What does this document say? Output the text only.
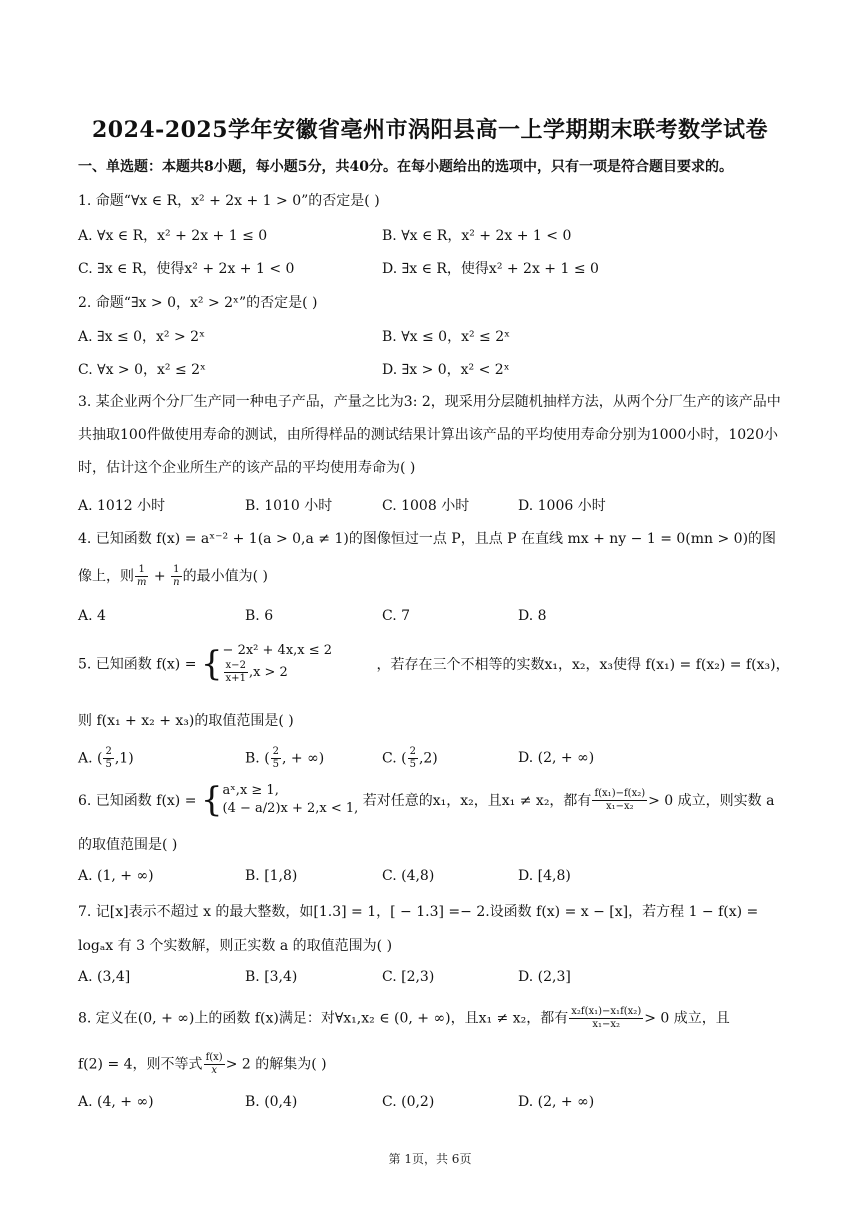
2024-2025学年安徽省亳州市涡阳县高一上学期期末联考数学试卷
一、单选题：本题共8小题，每小题5分，共40分。在每小题给出的选项中，只有一项是符合题目要求的。
1. 命题“∀x ∈ R，x² + 2x + 1 > 0”的否定是( )
A. ∀x ∈ R，x² + 2x + 1 ≤ 0	B. ∀x ∈ R，x² + 2x + 1 < 0
C. ∃x ∈ R，使得x² + 2x + 1 < 0	D. ∃x ∈ R，使得x² + 2x + 1 ≤ 0
2. 命题“∃x > 0，x² > 2ˣ”的否定是( )
A. ∃x ≤ 0，x² > 2ˣ	B. ∀x ≤ 0，x² ≤ 2ˣ
C. ∀x > 0，x² ≤ 2ˣ	D. ∃x > 0，x² < 2ˣ
3. 某企业两个分厂生产同一种电子产品，产量之比为3: 2，现采用分层随机抽样方法，从两个分厂生产的该产品中共抽取100件做使用寿命的测试，由所得样品的测试结果计算出该产品的平均使用寿命分别为1000小时，1020小时，估计这个企业所生产的该产品的平均使用寿命为( )
A. 1012 小时	B. 1010 小时	C. 1008 小时	D. 1006 小时
4. 已知函数 f(x) = aˣ⁻² + 1(a > 0,a ≠ 1)的图像恒过一点 P，且点 P 在直线 mx + ny − 1 = 0(mn > 0)的图
像上，则 $\frac{1}{m} + \frac{1}{n}$ 的最小值为( )
A. 4	B. 6	C. 7	D. 8
5. 已知函数 f(x) = { − 2x² + 4x,x ≤ 2
$\frac{x-2}{x+1} ,x > 2$	，若存在三个不相等的实数x₁，x₂，x₃使得 f(x₁) = f(x₂) = f(x₃)，
则 f(x₁ + x₂ + x₃)的取值范围是( )
A. ( $\frac{2}{5} ,1$)	B. ( $\frac{2}{5}$ , + ∞)	C. ( $\frac{2}{5} ,2$)	D. (2, + ∞)
6. 已知函数 f(x) = { aˣ,x ≥ 1,
(4 − a/2)x + 2,x < 1, 若对任意的x₁，x₂，且x₁ ≠ x₂，都有 $\frac{\text{f(x₁)−f(x₂)}}{\text{x₁−x₂}} > 0$ 成立，则实数 a
的取值范围是( )
A. (1, + ∞)	B. [1,8)	C. (4,8)	D. [4,8)
7. 记[x]表示不超过 x 的最大整数，如[1.3] = 1，[ − 1.3] =− 2.设函数 f(x) = x − [x]，若方程 1 − f(x) =
logₐx 有 3 个实数解，则正实数 a 的取值范围为( )
A. (3,4]	B. [3,4)	C. [2,3)	D. (2,3]
8. 定义在(0, + ∞)上的函数 f(x)满足：对∀x₁,x₂ ∈ (0, + ∞)，且x₁ ≠ x₂，都有 $\frac{\text{x₂f(x₁)−x₁f(x₂)}}{\text{x₁−x₂}} > 0$ 成立，且
f(2) = 4，则不等式 $\frac{f(x)}{x} > 2$ 的解集为( )
A. (4, + ∞)	B. (0,4)	C. (0,2)	D. (2, + ∞)
第 1页，共 6页
